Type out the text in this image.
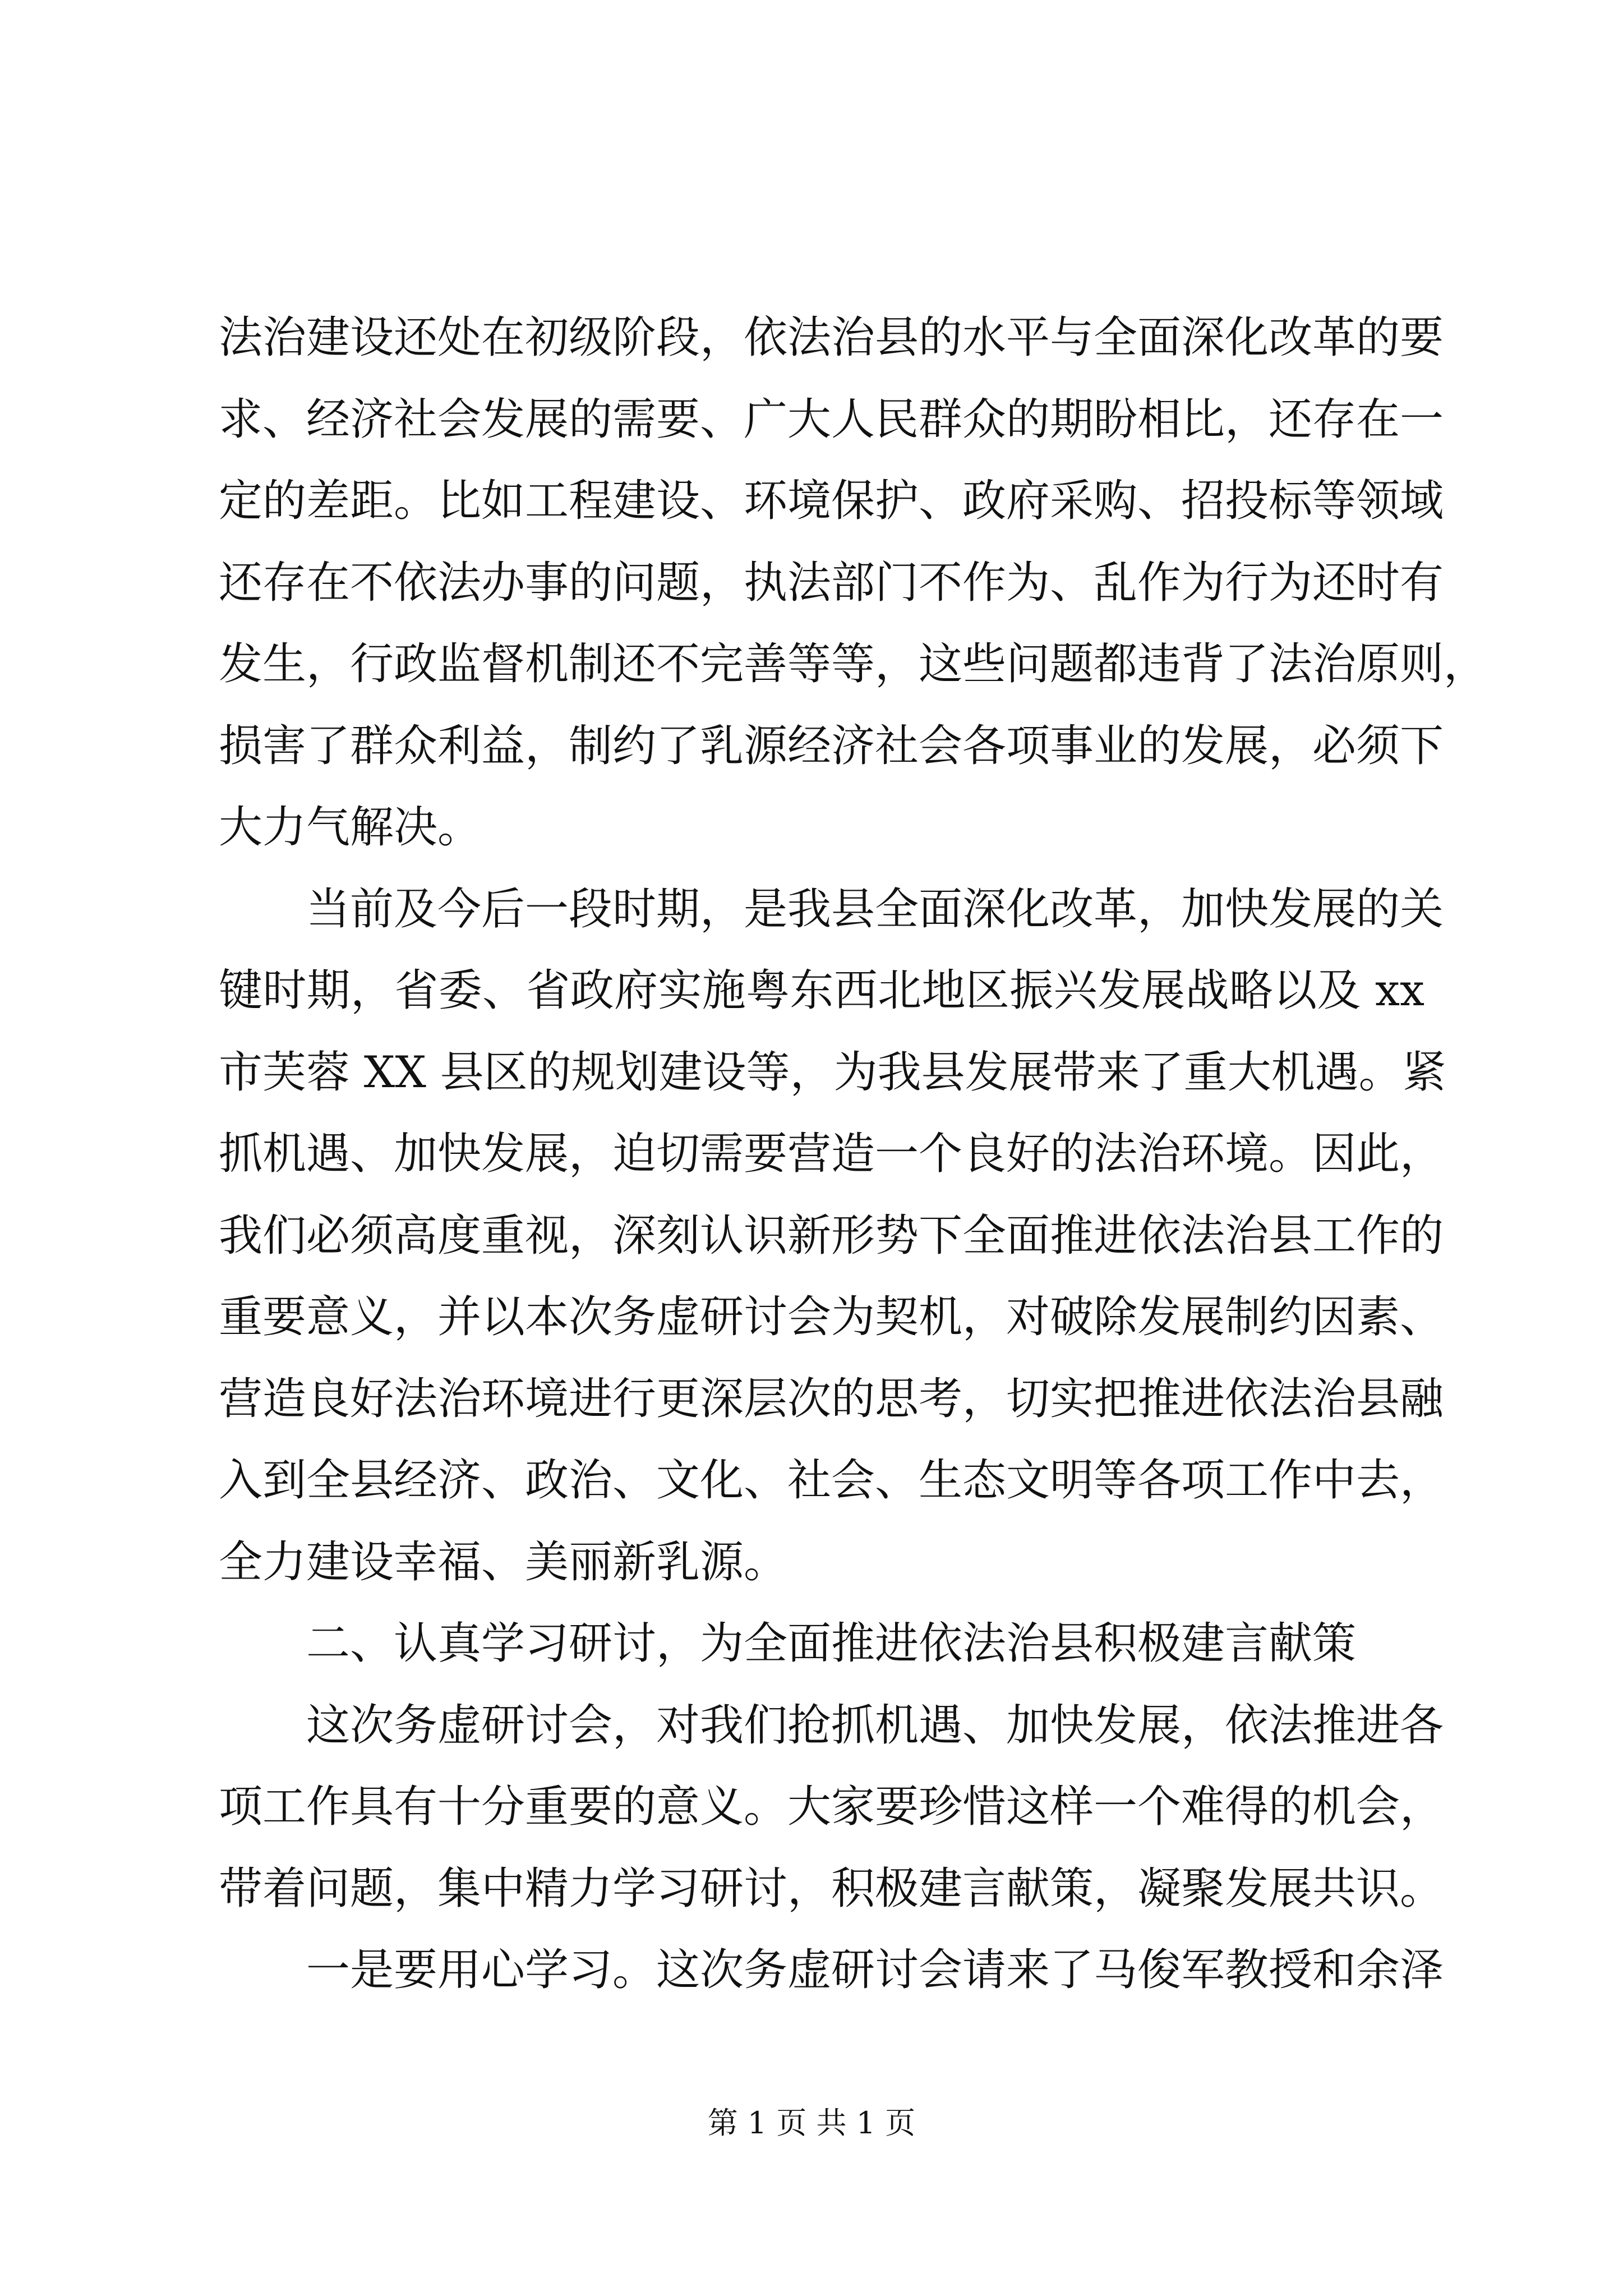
法治建设还处在初级阶段，依法治县的水平与全面深化改革的要
求、经济社会发展的需要、广大人民群众的期盼相比，还存在一
定的差距。比如工程建设、环境保护、政府采购、招投标等领域
还存在不依法办事的问题，执法部门不作为、乱作为行为还时有
发生，行政监督机制还不完善等等，这些问题都违背了法治原则，
损害了群众利益，制约了乳源经济社会各项事业的发展，必须下
大力气解决。
当前及今后一段时期，是我县全面深化改革，加快发展的关
键时期，省委、省政府实施粤东西北地区振兴发展战略以及 xx
市芙蓉 XX 县区的规划建设等，为我县发展带来了重大机遇。紧
抓机遇、加快发展，迫切需要营造一个良好的法治环境。因此，
我们必须高度重视，深刻认识新形势下全面推进依法治县工作的
重要意义，并以本次务虚研讨会为契机，对破除发展制约因素、
营造良好法治环境进行更深层次的思考，切实把推进依法治县融
入到全县经济、政治、文化、社会、生态文明等各项工作中去，
全力建设幸福、美丽新乳源。
二、认真学习研讨，为全面推进依法治县积极建言献策
这次务虚研讨会，对我们抢抓机遇、加快发展，依法推进各
项工作具有十分重要的意义。大家要珍惜这样一个难得的机会，
带着问题，集中精力学习研讨，积极建言献策，凝聚发展共识。
一是要用心学习。这次务虚研讨会请来了马俊军教授和余泽
第 1 页 共 1 页
